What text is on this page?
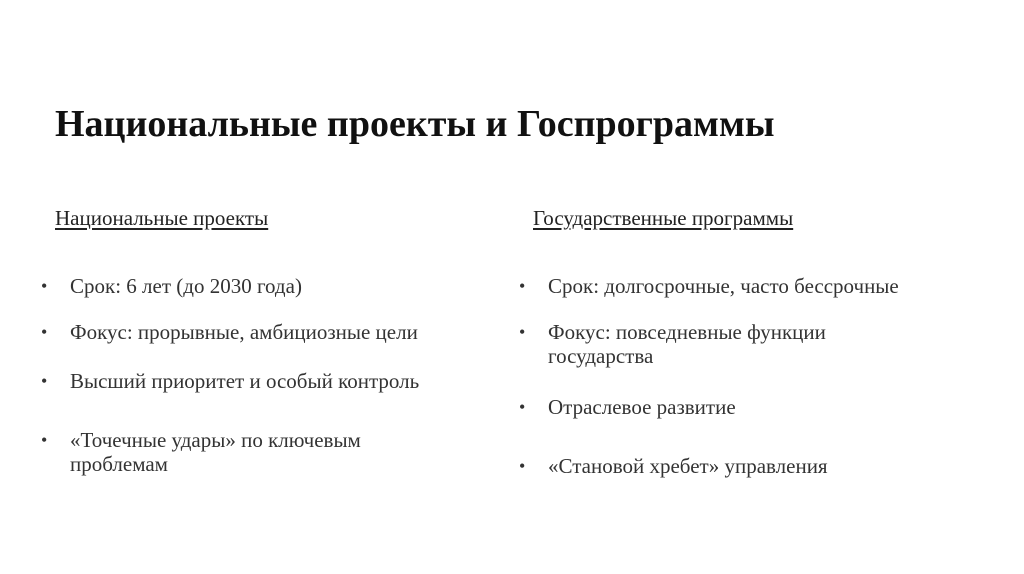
Национальные проекты и Госпрограммы

Национальные проекты

•	Срок: 6 лет (до 2030 года)
•	Фокус: прорывные, амбициозные цели
•	Высший приоритет и особый контроль
•	«Точечные удары» по ключевым
проблемам

Государственные программы

•	Срок: долгосрочные, часто бессрочные
•	Фокус: повседневные функции
государства
•	Отраслевое развитие
•	«Становой хребет» управления
